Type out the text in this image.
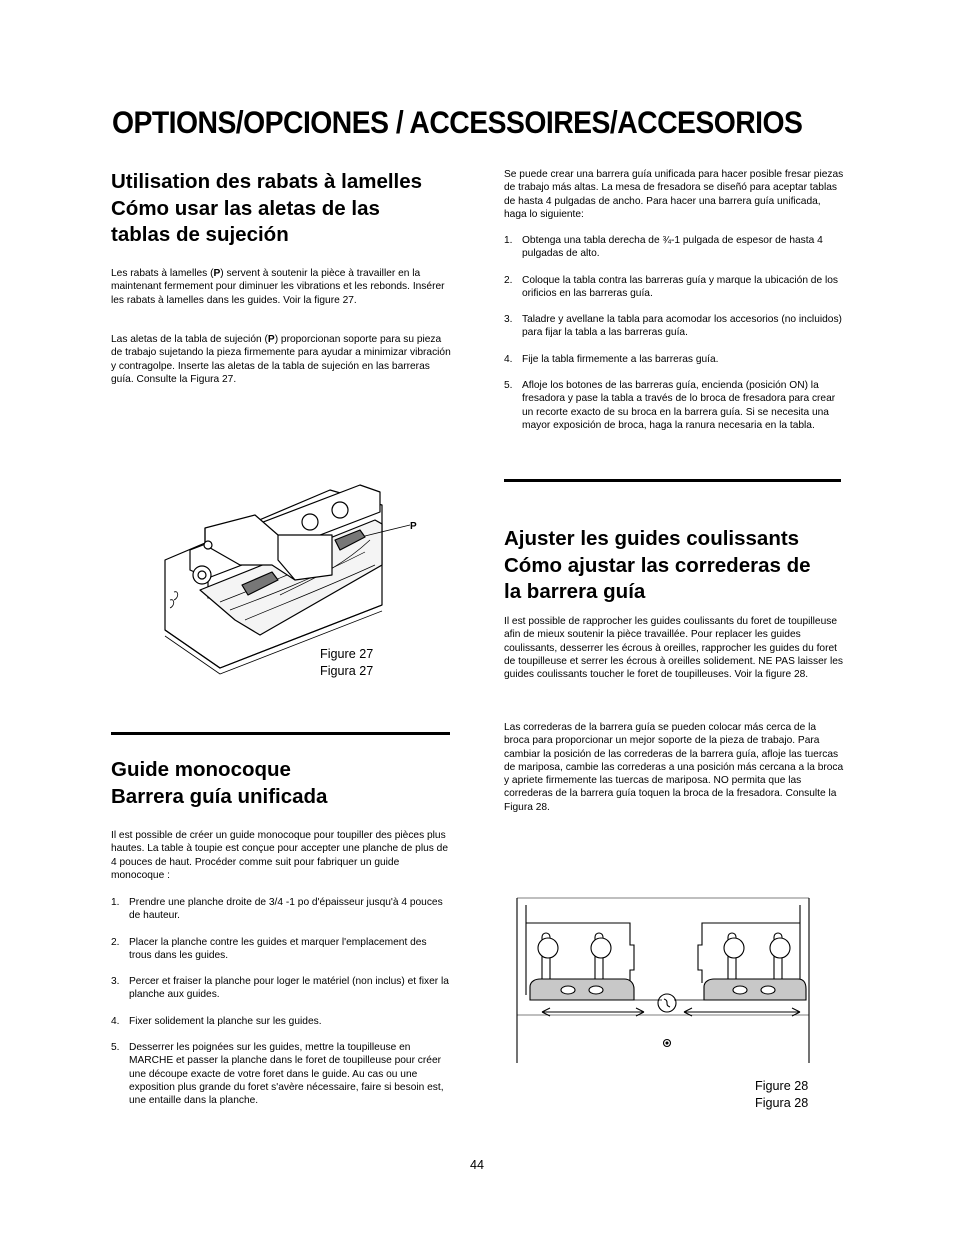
OPTIONS/OPCIONES / ACCESSOIRES/ACCESORIOS
Utilisation des rabats à lamelles
Cómo usar las aletas de las
tablas de sujeción

Les rabats à lamelles (P) servent à soutenir la pièce à travailler en la maintenant fermement pour diminuer les vibrations et les rebonds. Insérer les rabats à lamelles dans les guides. Voir la figure 27.

Las aletas de la tabla de sujeción (P) proporcionan soporte para su pieza de trabajo sujetando la pieza firmemente para ayudar a minimizar vibración y contragolpe. Inserte las aletas de la tabla de sujeción en las barreras guía. Consulte la Figura 27.

P
Figure 27
Figura 27
Guide monocoque
Barrera guía unificada

Il est possible de créer un guide monocoque pour toupiller des pièces plus hautes. La table à toupie est conçue pour accepter une planche de plus de 4 pouces de haut. Procéder comme suit pour fabriquer un guide monocoque :

1. Prendre une planche droite de 3/4 -1 po d'épaisseur jusqu'à 4 pouces de hauteur.
2. Placer la planche contre les guides et marquer l'emplacement des trous dans les guides.
3. Percer et fraiser la planche pour loger le matériel (non inclus) et fixer la planche aux guides.
4. Fixer solidement la planche sur les guides.
5. Desserrer les poignées sur les guides, mettre la toupilleuse en MARCHE et passer la planche dans le foret de toupilleuse pour créer une découpe exacte de votre foret dans le guide. Au cas ou une exposition plus grande du foret s'avère nécessaire, faire si besoin est, une entaille dans la planche.

Se puede crear una barrera guía unificada para hacer posible fresar piezas de trabajo más altas. La mesa de fresadora se diseñó para aceptar tablas de hasta 4 pulgadas de ancho. Para hacer una barrera guía unificada, haga lo siguiente:

1. Obtenga una tabla derecha de ¾-1 pulgada de espesor de hasta 4 pulgadas de alto.
2. Coloque la tabla contra las barreras guía y marque la ubicación de los orificios en las barreras guía.
3. Taladre y avellane la tabla para acomodar los accesorios (no incluidos) para fijar la tabla a las barreras guía.
4. Fije la tabla firmemente a las barreras guía.
5. Afloje los botones de las barreras guía, encienda (posición ON) la fresadora y pase la tabla a través de lo broca de fresadora para crear un recorte exacto de su broca en la barrera guía. Si se necesita una mayor exposición de broca, haga la ranura necesaria en la tabla.
Ajuster les guides coulissants
Cómo ajustar las correderas de
la barrera guía

Il est possible de rapprocher les guides coulissants du foret de toupilleuse afin de mieux soutenir la pièce travaillée. Pour replacer les guides coulissants, desserrer les écrous à oreilles, rapprocher les guides du foret de toupilleuse et serrer les écrous à oreilles solidement. NE PAS laisser les guides coulissants toucher le foret de toupilleuses. Voir la figure 28.

Las correderas de la barrera guía se pueden colocar más cerca de la broca para proporcionar un mejor soporte de la pieza de trabajo. Para cambiar la posición de las correderas de la barrera guía, afloje las tuercas de mariposa, cambie las correderas a una posición más cercana a la broca y apriete firmemente las tuercas de mariposa. NO permita que las correderas de la barrera guía toquen la broca de la fresadora. Consulte la Figura 28.

Figure 28
Figura 28
44
